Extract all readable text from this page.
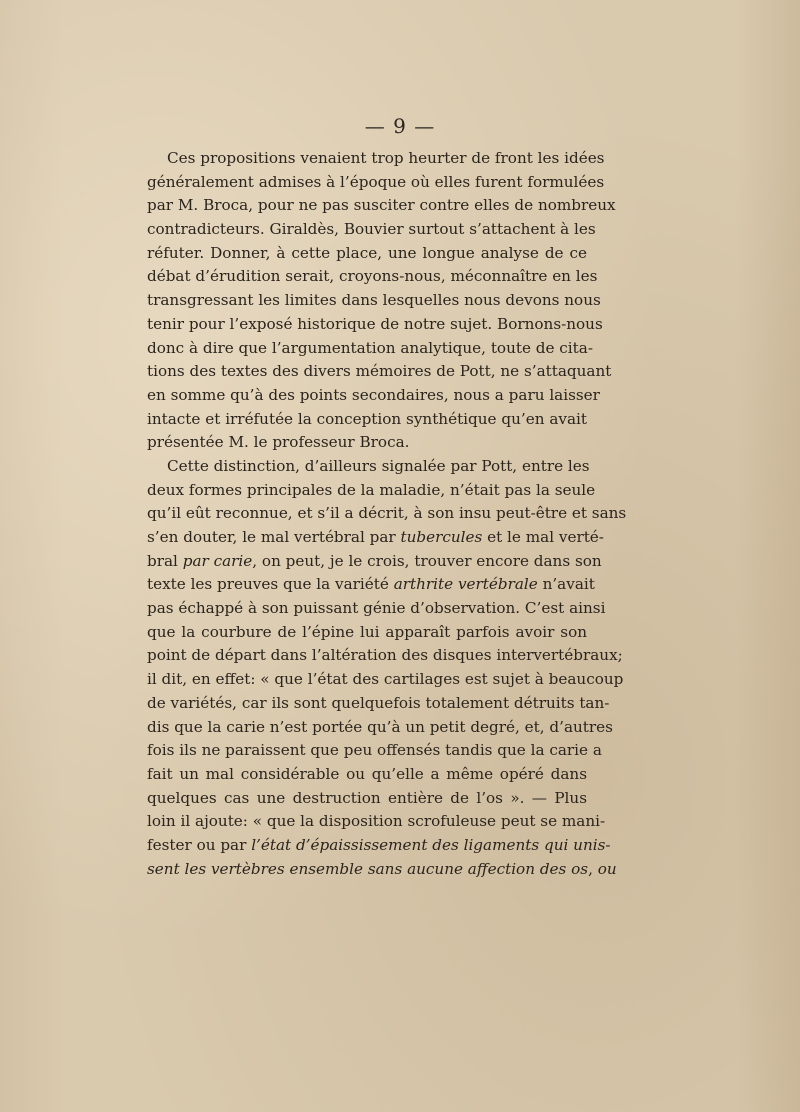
— 9 —
Ces propositions venaient trop heurter de front les idées
généralement admises à l’époque où elles furent formulées
par M. Broca, pour ne pas susciter contre elles de nombreux
contradicteurs. Giraldès, Bouvier surtout s’attachent à les
réfuter. Donner, à cette place, une longue analyse de ce
débat d’érudition serait, croyons-nous, méconnaître en les
transgressant les limites dans lesquelles nous devons nous
tenir pour l’exposé historique de notre sujet. Bornons-nous
donc à dire que l’argumentation analytique, toute de cita-
tions des textes des divers mémoires de Pott, ne s’attaquant
en somme qu’à des points secondaires, nous a paru laisser
intacte et irréfutée la conception synthétique qu’en avait
présentée M. le professeur Broca.
Cette distinction, d’ailleurs signalée par Pott, entre les
deux formes principales de la maladie, n’était pas la seule
qu’il eût reconnue, et s’il a décrit, à son insu peut-être et sans
s’en douter, le mal vertébral par tubercules et le mal verté-
bral par carie, on peut, je le crois, trouver encore dans son
texte les preuves que la variété arthrite vertébrale n’avait
pas échappé à son puissant génie d’observation. C’est ainsi
que la courbure de l’épine lui apparaît parfois avoir son
point de départ dans l’altération des disques intervertébraux;
il dit, en effet: « que l’état des cartilages est sujet à beaucoup
de variétés, car ils sont quelquefois totalement détruits tan-
dis que la carie n’est portée qu’à un petit degré, et, d’autres
fois ils ne paraissent que peu offensés tandis que la carie a
fait un mal considérable ou qu’elle a même opéré dans
quelques cas une destruction entière de l’os ». — Plus
loin il ajoute: « que la disposition scrofuleuse peut se mani-
fester ou par l’état d’épaississement des ligaments qui unis-
sent les vertèbres ensemble sans aucune affection des os, ou
